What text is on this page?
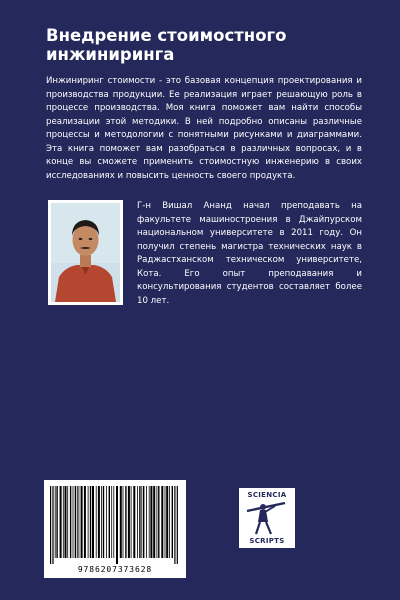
Внедрение стоимостного инжиниринга

Инжиниринг стоимости - это базовая концепция проектирования и производства продукции. Ее реализация играет решающую роль в процессе производства. Моя книга поможет вам найти способы реализации этой методики. В ней подробно описаны различные процессы и методологии с понятными рисунками и диаграммами. Эта книга поможет вам разобраться в различных вопросах, и в конце вы сможете применить стоимостную инженерию в своих исследованиях и повысить ценность своего продукта.

Г-н Вишал Ананд начал преподавать на факультете машиностроения в Джайпурском национальном университете в 2011 году. Он получил степень магистра технических наук в Раджастханском техническом университете, Кота. Его опыт преподавания и консультирования студентов составляет более 10 лет.

9786207373628
SCIENCIA
SCRIPTS
